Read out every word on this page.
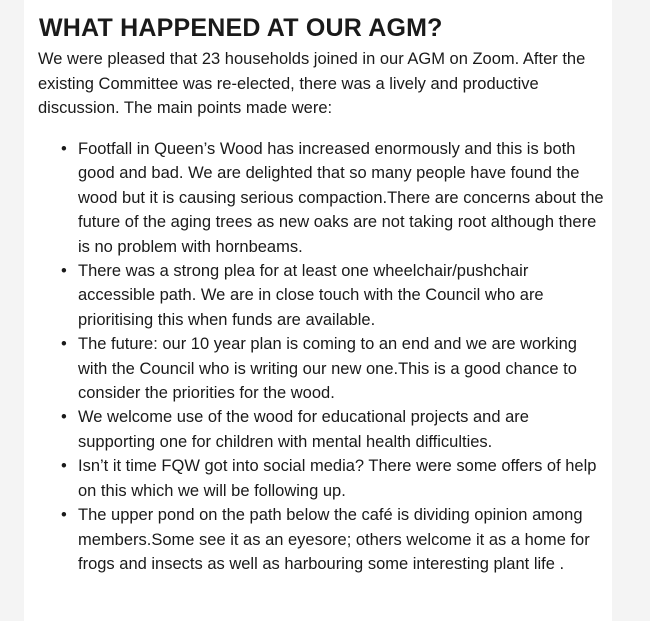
WHAT HAPPENED AT OUR AGM?

We were pleased that 23 households joined in our AGM on Zoom. After the existing Committee was re-elected, there was a lively and productive discussion. The main points made were:

• Footfall in Queen’s Wood has increased enormously and this is both good and bad. We are delighted that so many people have found the wood but it is causing serious compaction.There are concerns about the future of the aging trees as new oaks are not taking root although there is no problem with hornbeams.
• There was a strong plea for at least one wheelchair/pushchair accessible path. We are in close touch with the Council who are prioritising this when funds are available.
• The future: our 10 year plan is coming to an end and we are working with the Council who is writing our new one.This is a good chance to consider the priorities for the wood.
• We welcome use of the wood for educational projects and are supporting one for children with mental health difficulties.
• Isn’t it time FQW got into social media? There were some offers of help on this which we will be following up.
• The upper pond on the path below the café is dividing opinion among members.Some see it as an eyesore; others welcome it as a home for frogs and insects as well as harbouring some interesting plant life .
